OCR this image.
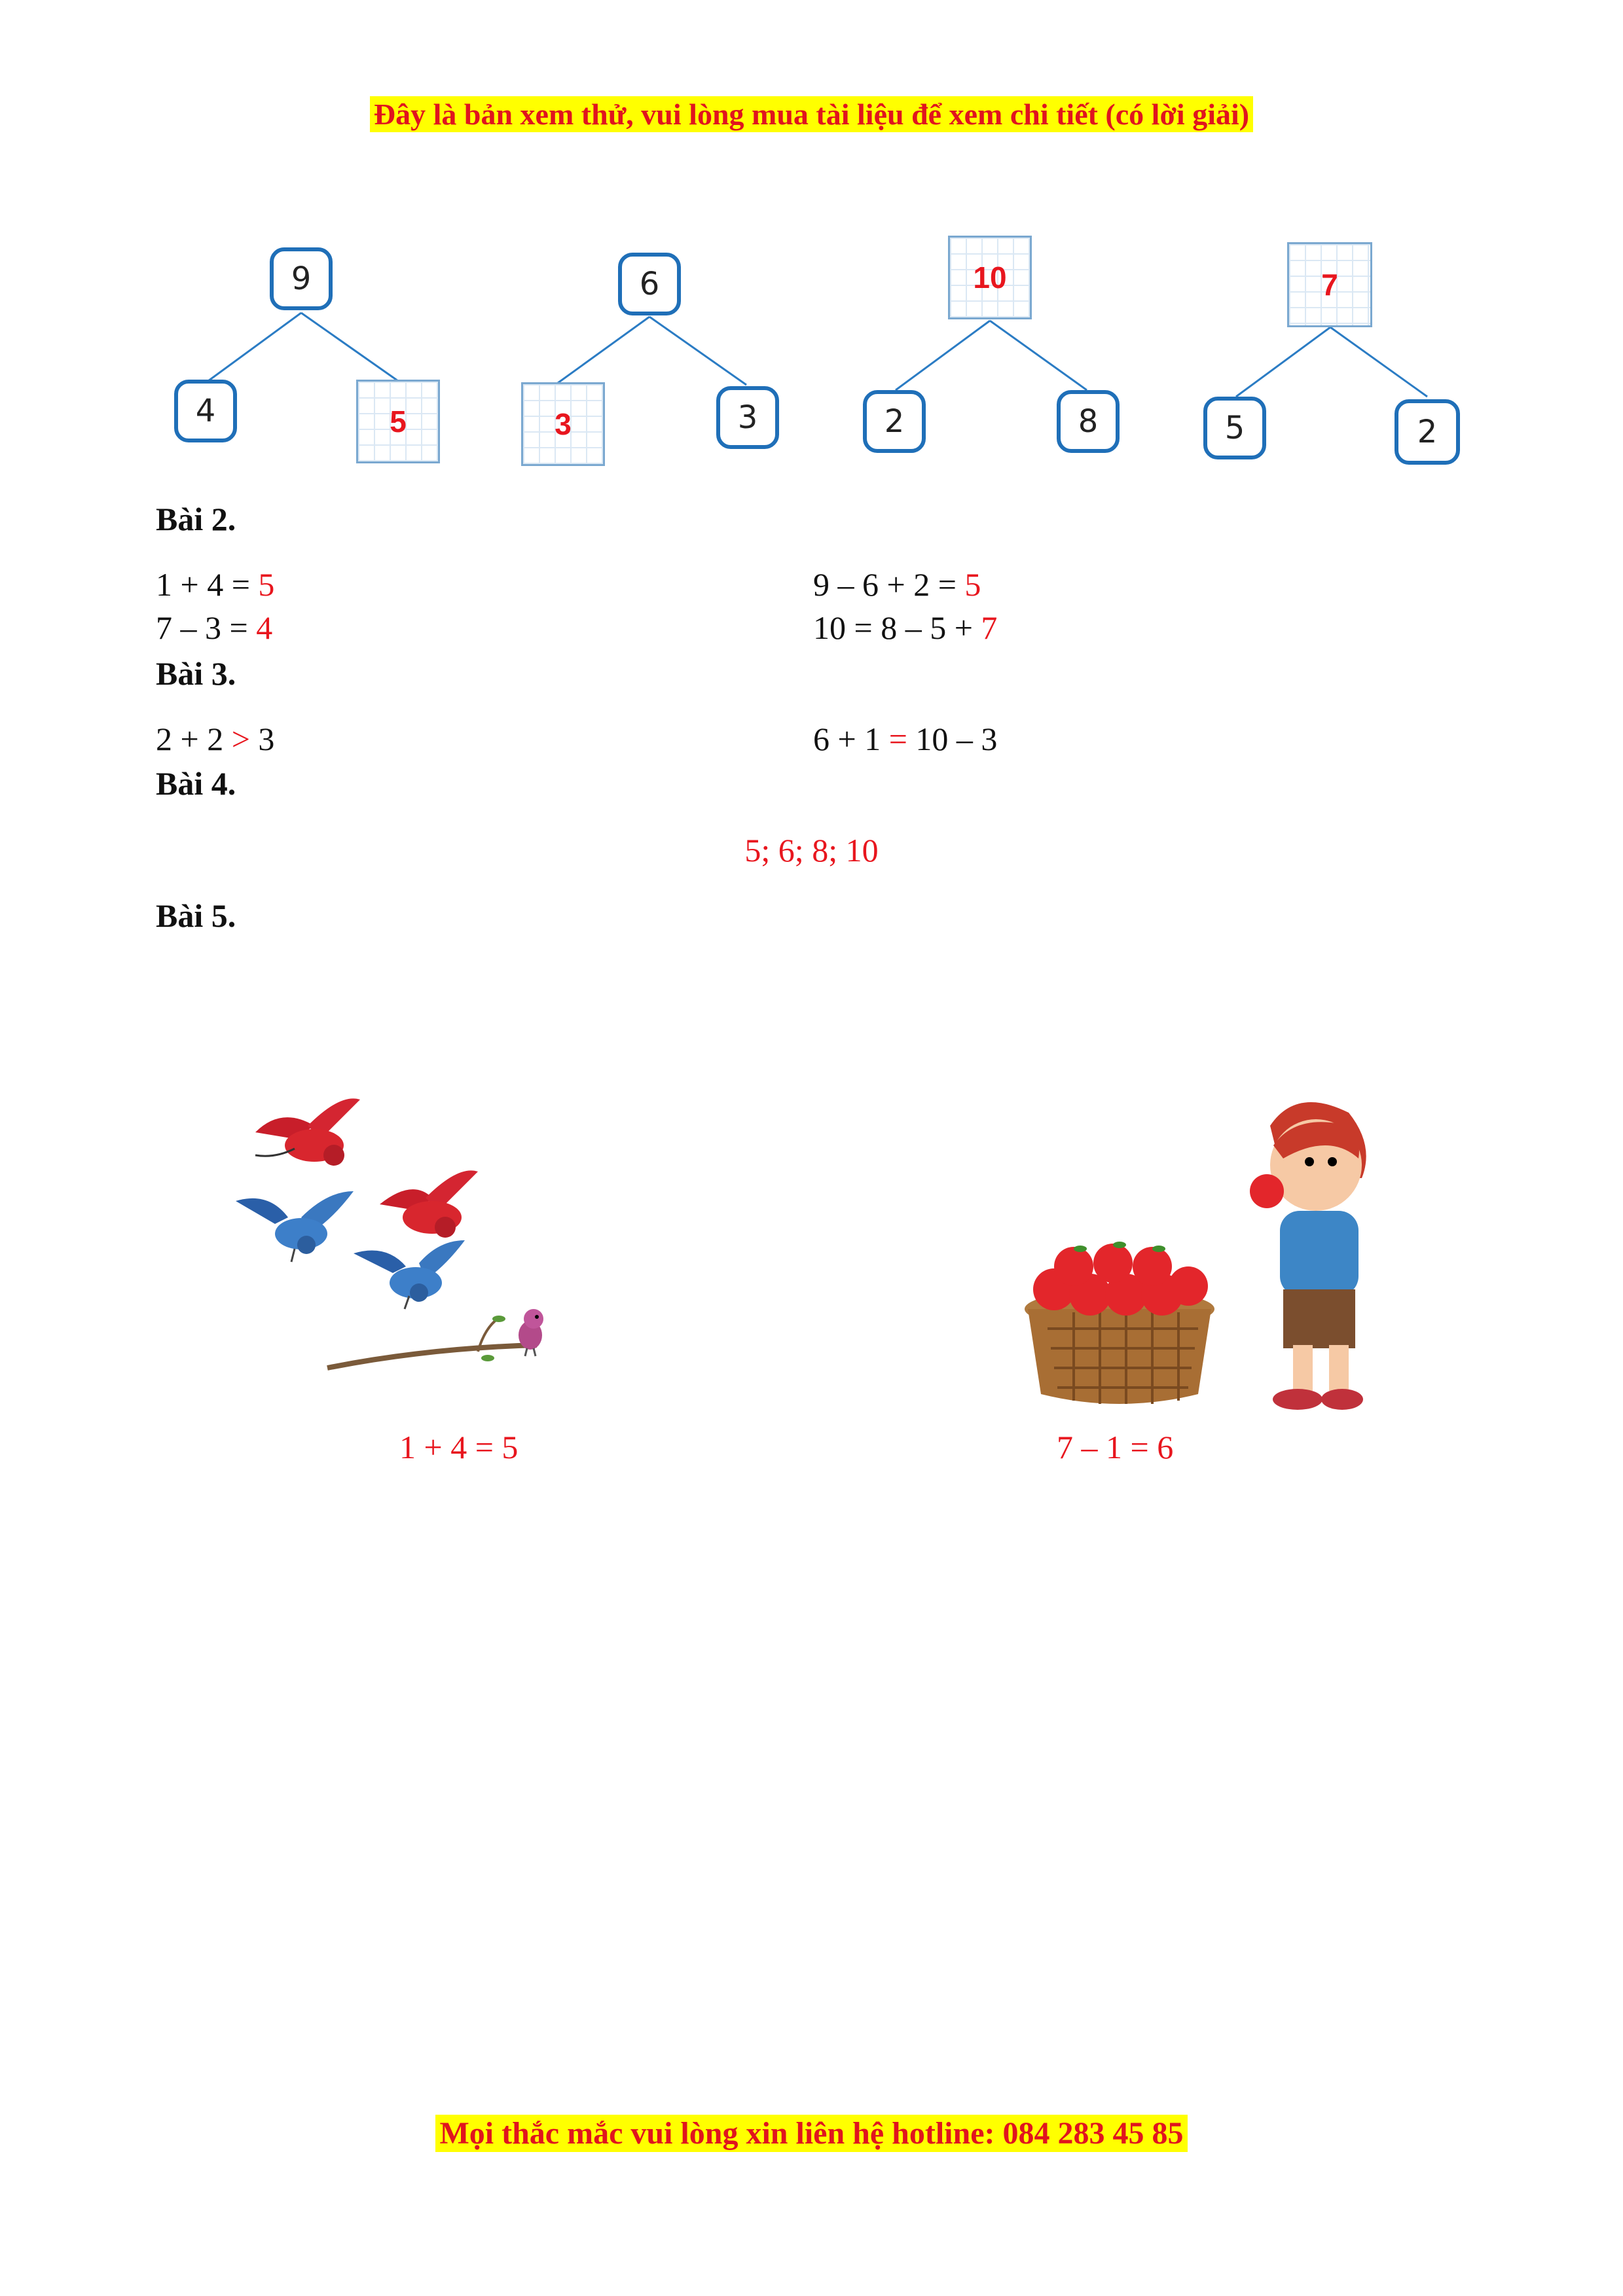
Đây là bản xem thử, vui lòng mua tài liệu để xem chi tiết (có lời giải)
9
4	5
6
3	3
10
2	8
7
5	2
Bài 2.
1 + 4 = 5	9 – 6 + 2 = 5
7 – 3 = 4	10 = 8 – 5 + 7
Bài 3.
2 + 2 > 3	6 + 1 = 10 – 3
Bài 4.
5; 6; 8; 10
Bài 5.
1 + 4 = 5	7 – 1 = 6
Mọi thắc mắc vui lòng xin liên hệ hotline: 084 283 45 85
